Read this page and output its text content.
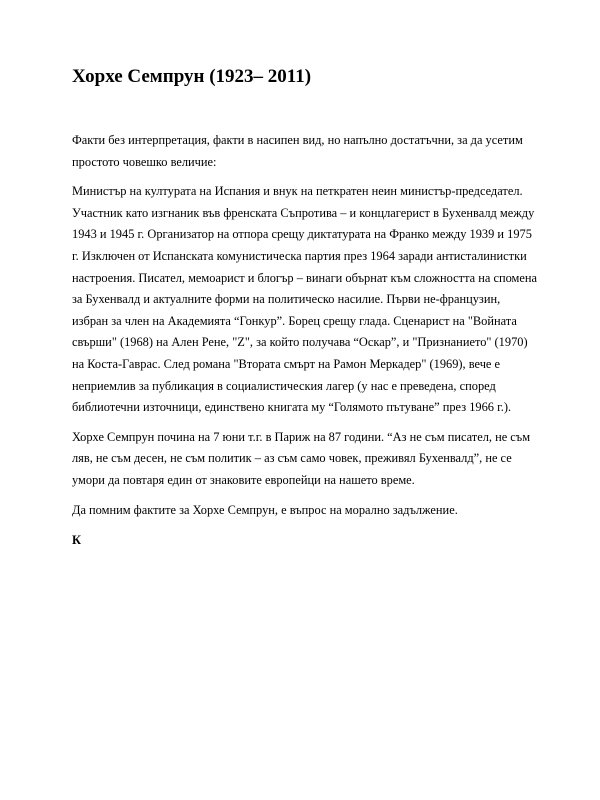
Хорхе Семпрун (1923– 2011)

Факти без интерпретация, факти в насипен вид, но напълно достатъчни, за да усетим простото човешко величие:

Министър на културата на Испания и внук на петкратен неин министър-председател. Участник като изгнаник във френската Съпротива – и концлагерист в Бухенвалд между 1943 и 1945 г. Организатор на отпора срещу диктатурата на Франко между 1939 и 1975 г. Изключен от Испанската комунистическа партия през 1964 заради антисталинистки настроения. Писател, мемоарист и блогър – винаги обърнат към сложността на спомена за Бухенвалд и актуалните форми на политическо насилие. Първи не-французин, избран за член на Академията “Гонкур”. Борец срещу глада. Сценарист на "Войната свърши" (1968) на Ален Рене, "Z", за който получава “Оскар”, и "Признанието" (1970) на Коста-Гаврас. След романа "Втората смърт на Рамон Меркадер" (1969), вече е неприемлив за публикация в социалистическия лагер (у нас е преведена, според библиотечни източници, единствено книгата му “Голямото пътуване” през 1966 г.).

Хорхе Семпрун почина на 7 юни т.г. в Париж на 87 години. “Аз не съм писател, не съм ляв, не съм десен, не съм политик – аз съм само човек, преживял Бухенвалд”, не се умори да повтаря един от знаковите европейци на нашето време.

Да помним фактите за Хорхе Семпрун, е въпрос на морално задължение.

К
